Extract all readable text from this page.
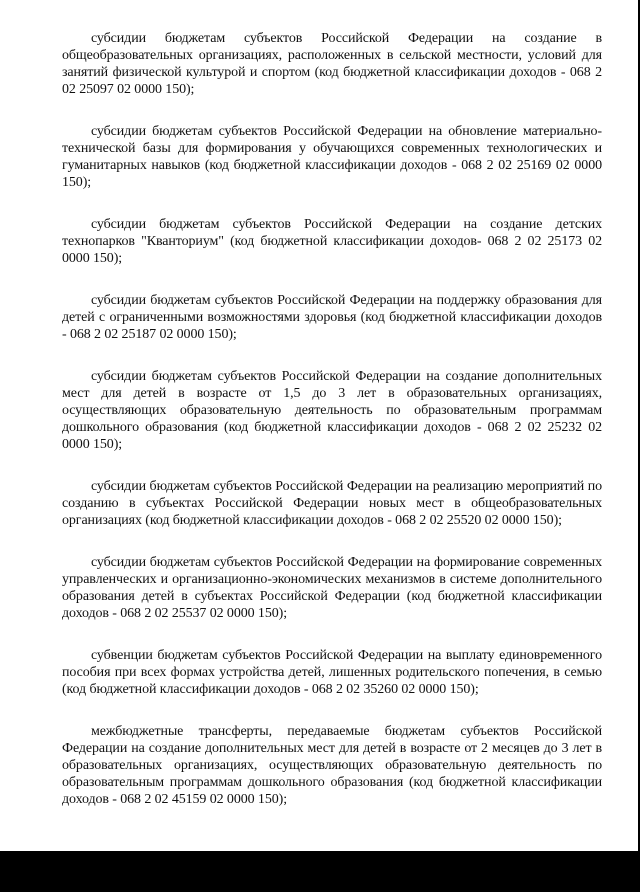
субсидии бюджетам субъектов Российской Федерации на создание в общеобразовательных организациях, расположенных в сельской местности, условий для занятий физической культурой и спортом (код бюджетной классификации доходов - 068 2 02 25097 02 0000 150);

субсидии бюджетам субъектов Российской Федерации на обновление материально-технической базы для формирования у обучающихся современных технологических и гуманитарных навыков (код бюджетной классификации доходов - 068 2 02 25169 02 0000 150);

субсидии бюджетам субъектов Российской Федерации на создание детских технопарков "Кванториум" (код бюджетной классификации доходов- 068 2 02 25173 02 0000 150);

субсидии бюджетам субъектов Российской Федерации на поддержку образования для детей с ограниченными возможностями здоровья (код бюджетной классификации доходов - 068 2 02 25187 02 0000 150);

субсидии бюджетам субъектов Российской Федерации на создание дополнительных мест для детей в возрасте от 1,5 до 3 лет в образовательных организациях, осуществляющих образовательную деятельность по образовательным программам дошкольного образования (код бюджетной классификации доходов - 068 2 02 25232 02 0000 150);

субсидии бюджетам субъектов Российской Федерации на реализацию мероприятий по созданию в субъектах Российской Федерации новых мест в общеобразовательных организациях (код бюджетной классификации доходов - 068 2 02 25520 02 0000 150);

субсидии бюджетам субъектов Российской Федерации на формирование современных управленческих и организационно-экономических механизмов в системе дополнительного образования детей в субъектах Российской Федерации (код бюджетной классификации доходов - 068 2 02 25537 02 0000 150);

субвенции бюджетам субъектов Российской Федерации на выплату единовременного пособия при всех формах устройства детей, лишенных родительского попечения, в семью (код бюджетной классификации доходов - 068 2 02 35260 02 0000 150);

межбюджетные трансферты, передаваемые бюджетам субъектов Российской Федерации на создание дополнительных мест для детей в возрасте от 2 месяцев до 3 лет в образовательных организациях, осуществляющих образовательную деятельность по образовательным программам дошкольного образования (код бюджетной классификации доходов - 068 2 02 45159 02 0000 150);
